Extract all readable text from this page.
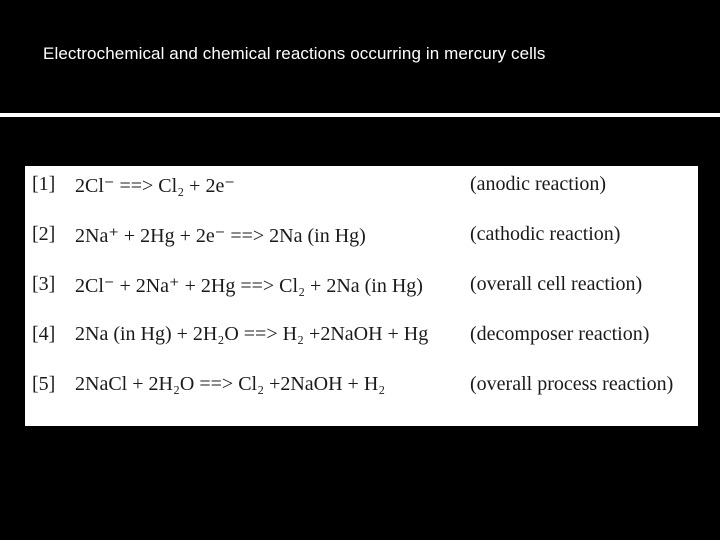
Electrochemical and chemical reactions occurring in mercury cells
[1] 2Cl⁻ ==> Cl₂ + 2e⁻	(anodic reaction)
[2] 2Na⁺ + 2Hg + 2e⁻ ==> 2Na (in Hg)	(cathodic reaction)
[3] 2Cl⁻ + 2Na⁺ + 2Hg ==> Cl₂ + 2Na (in Hg) (overall cell reaction)
[4] 2Na (in Hg) + 2H₂O ==> H₂ +2NaOH + Hg (decomposer reaction)
[5] 2NaCl + 2H₂O ==> Cl₂ +2NaOH + H₂	(overall process reaction)
